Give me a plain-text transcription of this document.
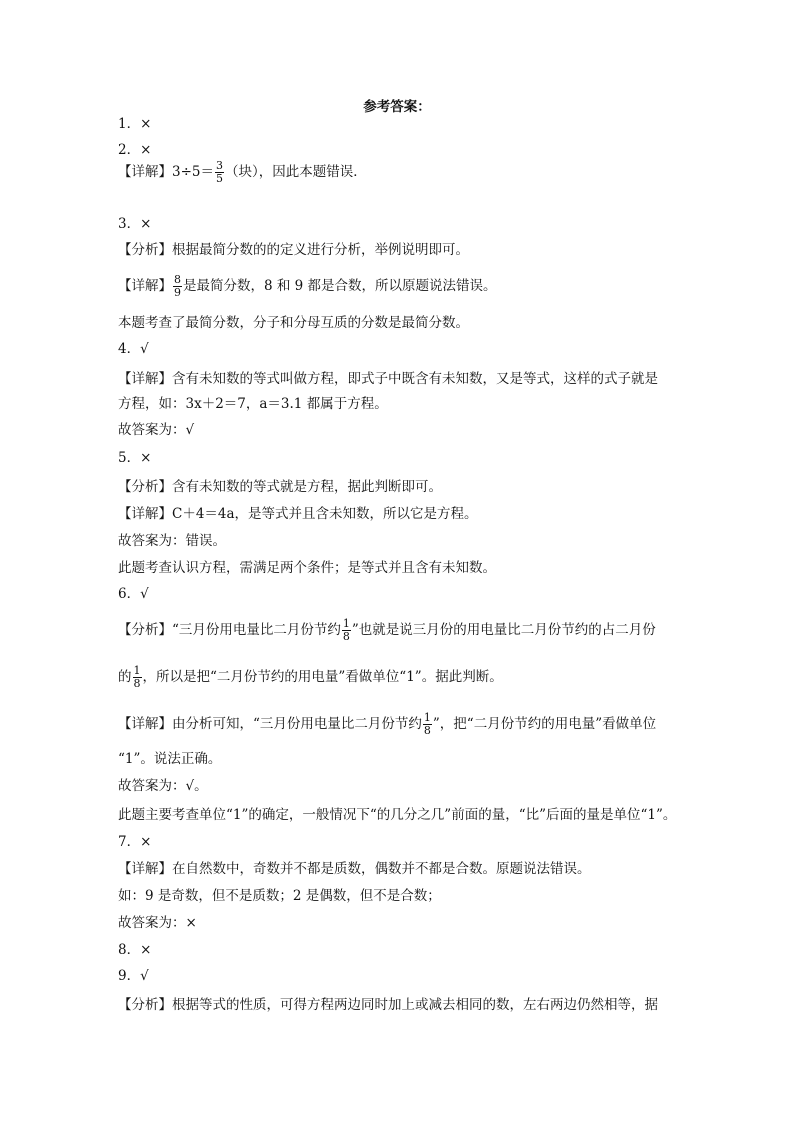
参考答案：
1．×
2．×
【详解】$3\div 5= \frac{3}{5}$ （块），因此本题错误．
3．×
【分析】根据最简分数的的定义进行分析，举例说明即可。
【详解】 $\frac{8}{9}$ 是最简分数，8 和 9 都是合数，所以原题说法错误。
本题考查了最简分数，分子和分母互质的分数是最简分数。
4．√
【详解】含有未知数的等式叫做方程，即式子中既含有未知数，又是等式，这样的式子就是
方程，如：3x＋2＝7，a＝3.1 都属于方程。
故答案为：√
5．×
【分析】含有未知数的等式就是方程，据此判断即可。
【详解】C＋4＝4a，是等式并且含未知数，所以它是方程。
故答案为：错误。
此题考查认识方程，需满足两个条件；是等式并且含有未知数。
6．√
【分析】“三月份用电量比二月份节约 $\frac{1}{8}$ ”也就是说三月份的用电量比二月份节约的占二月份
的 $\frac{1}{8}$ ，所以是把“二月份节约的用电量”看做单位“1”。据此判断。
【详解】由分析可知，“三月份用电量比二月份节约 $\frac{1}{8}$ ”，把“二月份节约的用电量”看做单位
“1”。说法正确。
故答案为：√。
此题主要考查单位“1”的确定，一般情况下“的几分之几”前面的量，“比”后面的量是单位“1”。
7．×
【详解】在自然数中，奇数并不都是质数，偶数并不都是合数。原题说法错误。
如：9 是奇数，但不是质数；2 是偶数，但不是合数；
故答案为：×
8．×
9．√
【分析】根据等式的性质，可得方程两边同时加上或减去相同的数，左右两边仍然相等，据
